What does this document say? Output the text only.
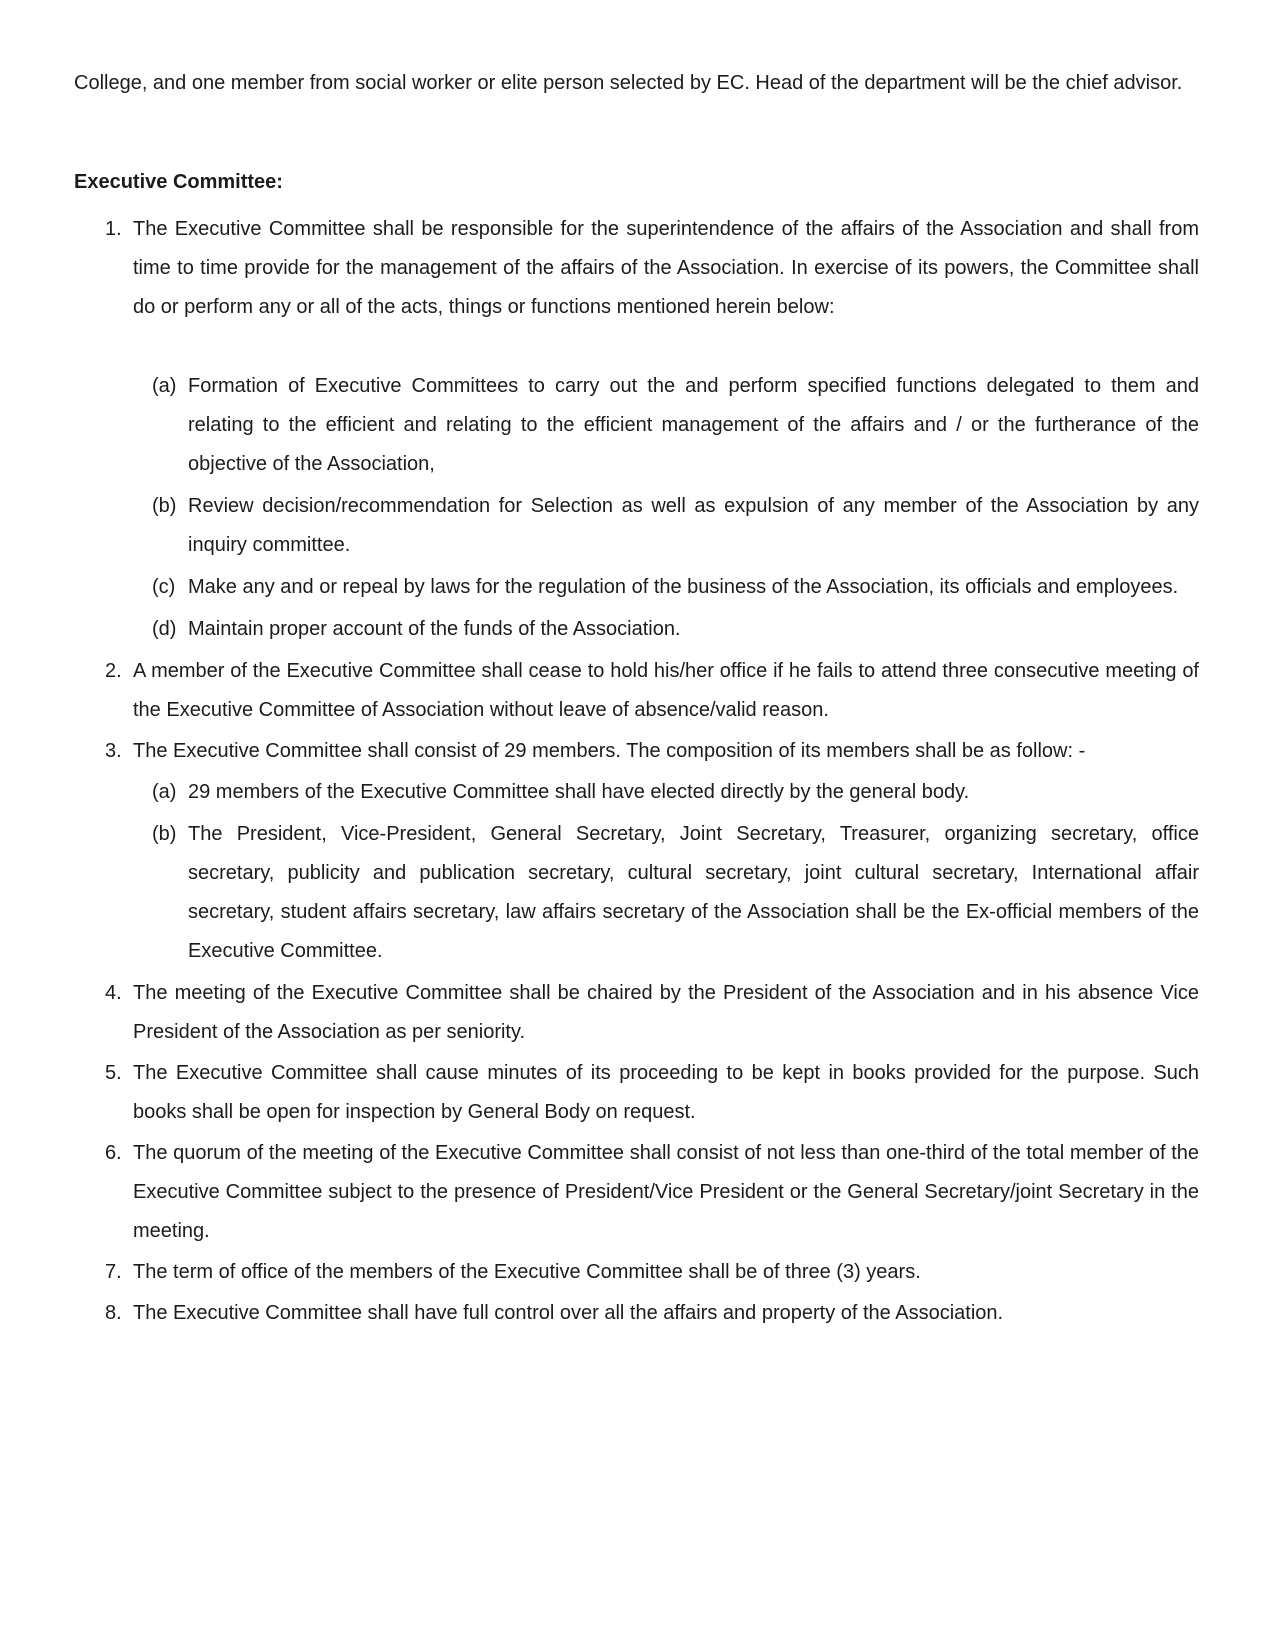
College, and one member from social worker or elite person selected by EC. Head of the department will be the chief advisor.

Executive Committee:
1. The Executive Committee shall be responsible for the superintendence of the affairs of the Association and shall from time to time provide for the management of the affairs of the Association. In exercise of its powers, the Committee shall do or perform any or all of the acts, things or functions mentioned herein below:
(a) Formation of Executive Committees to carry out the and perform specified functions delegated to them and relating to the efficient and relating to the efficient management of the affairs and / or the furtherance of the objective of the Association,
(b) Review decision/recommendation for Selection as well as expulsion of any member of the Association by any inquiry committee.
(c) Make any and or repeal by laws for the regulation of the business of the Association, its officials and employees.
(d) Maintain proper account of the funds of the Association.
2. A member of the Executive Committee shall cease to hold his/her office if he fails to attend three consecutive meeting of the Executive Committee of Association without leave of absence/valid reason.
3. The Executive Committee shall consist of 29 members. The composition of its members shall be as follow: -
(a) 29 members of the Executive Committee shall have elected directly by the general body.
(b) The President, Vice-President, General Secretary, Joint Secretary, Treasurer, organizing secretary, office secretary, publicity and publication secretary, cultural secretary, joint cultural secretary, International affair secretary, student affairs secretary, law affairs secretary of the Association shall be the Ex-official members of the Executive Committee.
4. The meeting of the Executive Committee shall be chaired by the President of the Association and in his absence Vice President of the Association as per seniority.
5. The Executive Committee shall cause minutes of its proceeding to be kept in books provided for the purpose. Such books shall be open for inspection by General Body on request.
6. The quorum of the meeting of the Executive Committee shall consist of not less than one-third of the total member of the Executive Committee subject to the presence of President/Vice President or the General Secretary/joint Secretary in the meeting.
7. The term of office of the members of the Executive Committee shall be of three (3) years.
8. The Executive Committee shall have full control over all the affairs and property of the Association.
